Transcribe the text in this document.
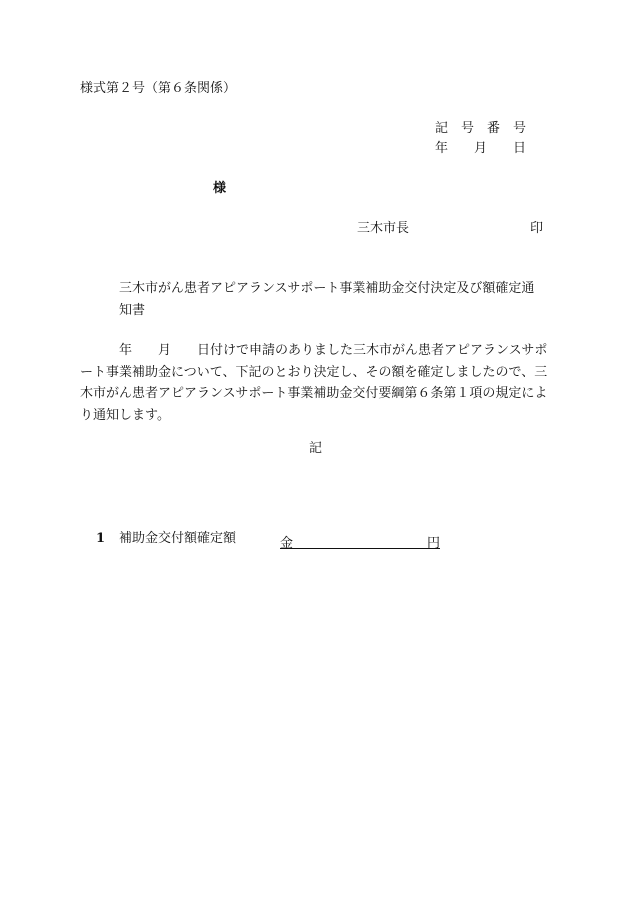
様式第２号（第６条関係）
記　号　番　号
年　　月　　日
様
三木市長	印
三木市がん患者アピアランスサポート事業補助金交付決定及び額確定通知書
年　　月　　日付けで申請のありました三木市がん患者アピアランスサポート事業補助金について、下記のとおり決定し、その額を確定しましたので、三木市がん患者アピアランスサポート事業補助金交付要綱第６条第１項の規定により通知します。
記
1 補助金交付額確定額	金	円
